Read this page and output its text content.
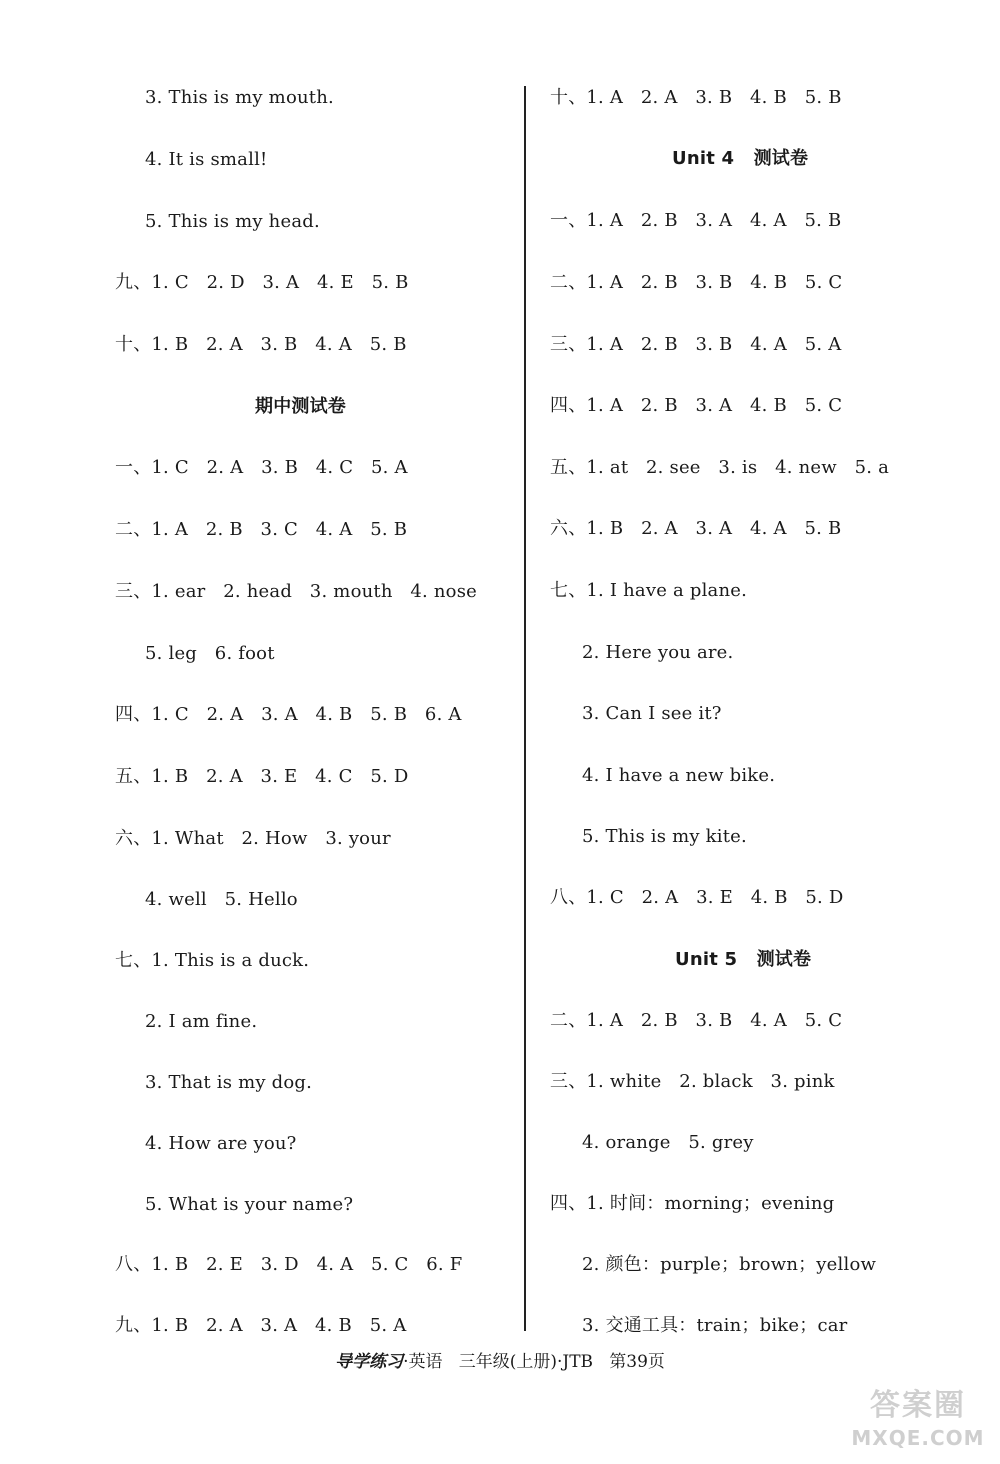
3. This is my mouth.
4. It is small!
5. This is my head.
九、1. C   2. D   3. A   4. E   5. B
十、1. B   2. A   3. B   4. A   5. B
期中测试卷
一、1. C   2. A   3. B   4. C   5. A
二、1. A   2. B   3. C   4. A   5. B
三、1. ear   2. head   3. mouth   4. nose
5. leg   6. foot
四、1. C   2. A   3. A   4. B   5. B   6. A
五、1. B   2. A   3. E   4. C   5. D
六、1. What   2. How   3. your
4. well   5. Hello
七、1. This is a duck.
2. I am fine.
3. That is my dog.
4. How are you?
5. What is your name?
八、1. B   2. E   3. D   4. A   5. C   6. F
九、1. B   2. A   3. A   4. B   5. A
十、1. A   2. A   3. B   4. B   5. B
Unit 4   测试卷
一、1. A   2. B   3. A   4. A   5. B
二、1. A   2. B   3. B   4. B   5. C
三、1. A   2. B   3. B   4. A   5. A
四、1. A   2. B   3. A   4. B   5. C
五、1. at   2. see   3. is   4. new   5. a
六、1. B   2. A   3. A   4. A   5. B
七、1. I have a plane.
2. Here you are.
3. Can I see it?
4. I have a new bike.
5. This is my kite.
八、1. C   2. A   3. E   4. B   5. D
Unit 5   测试卷
二、1. A   2. B   3. B   4. A   5. C
三、1. white   2. black   3. pink
4. orange   5. grey
四、1. 时间：morning；evening
2. 颜色：purple；brown；yellow
3. 交通工具：train；bike；car
导学练习·英语   三年级(上册)·JTB   第39页
答案圈
MXQE.COM
